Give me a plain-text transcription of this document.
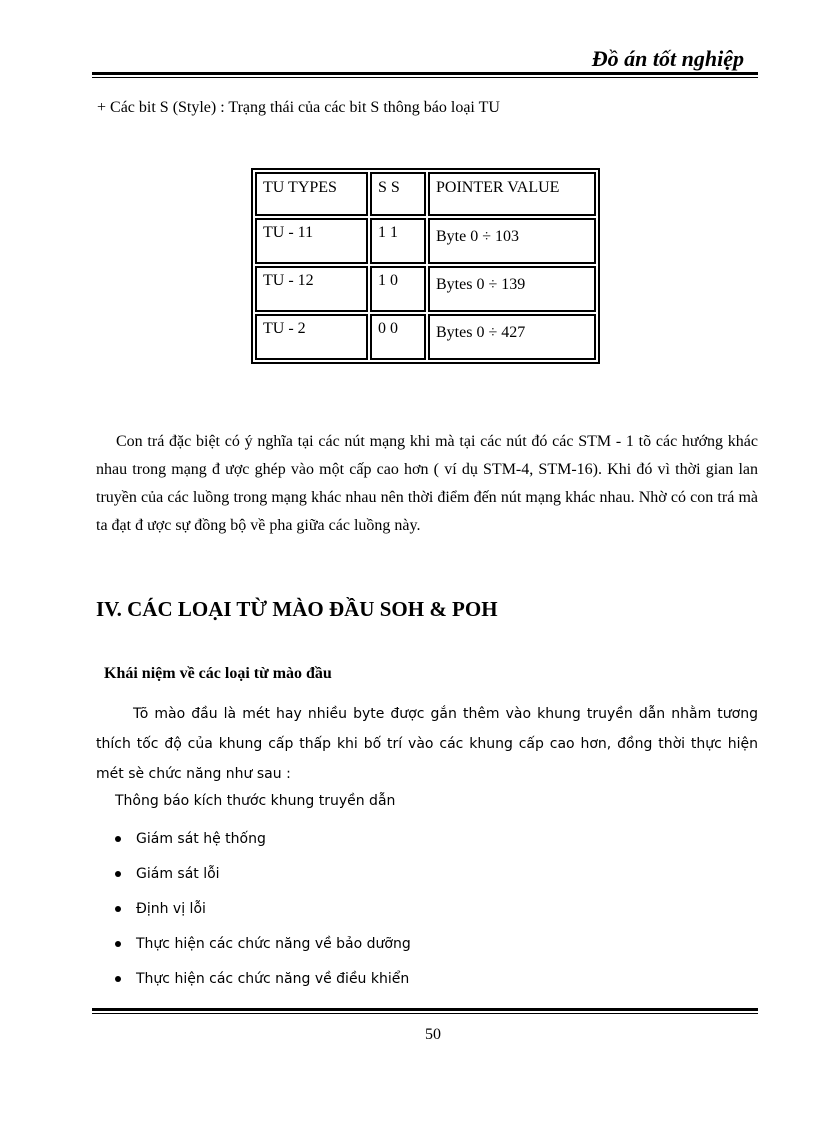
Đồ án tốt nghiệp
+ Các bit S (Style) : Trạng thái của các bit S thông báo loại TU
TU TYPES	S S	POINTER VALUE
TU - 11	1 1	Byte 0 ÷ 103
TU - 12	1 0	Bytes 0 ÷ 139
TU - 2	0 0	Bytes 0 ÷ 427
Con trá đặc biệt có ý nghĩa tại các nút mạng khi mà tại các nút đó các STM - 1 tõ các hướng khác nhau trong mạng đ ược ghép vào một cấp cao hơn ( ví dụ STM-4, STM-16). Khi đó vì thời gian lan truyền của các luồng trong mạng khác nhau nên thời điểm đến nút mạng khác nhau. Nhờ có con trá mà ta đạt đ ược sự đồng bộ về pha giữa các luồng này.
IV. CÁC LOẠI TỪ MÀO ĐẦU SOH & POH
Khái niệm về các loại từ mào đầu
Tõ mào đầu là mét hay nhiều byte được gắn thêm vào khung truyền dẫn nhằm tương thích tốc độ của khung cấp thấp khi bố trí vào các khung cấp cao hơn, đồng thời thực hiện mét sè chức năng như sau :
Thông báo kích thước khung truyền dẫn
Giám sát hệ thống
Giám sát lỗi
Định vị lỗi
Thực hiện các chức năng về bảo dưỡng
Thực hiện các chức năng về điều khiển
50
